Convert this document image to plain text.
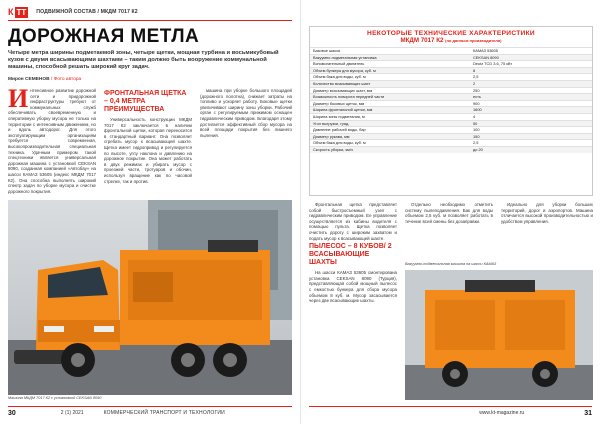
К ТТ	ПОДВИЖНОЙ СОСТАВ / МКДМ 7017 К2
ДОРОЖНАЯ МЕТЛА
Четыре метра ширины подметаемой зоны, четыре щетки, мощная турбина и восьмикубовый кузов с двумя всасывающими шахтами – таким должно быть вооружение коммунальной машины, способной решать широкий круг задач.
Мирон СЕМЕНОВ / Фото автора

Интенсивное развитие дорожной сети и придорожной инфраструктуры требуют от коммунальных служб обеспечивать своевременную и оперативную уборку мусора не только на территории с интенсивным движением, но и вдоль автодорог. Для этого эксплуатирующим организациям требуется современная, высокопроизводительная специальная техника. Удачным примером такой спецтехники является универсальная дорожная машина с установкой CEKSAN 8090, созданная компанией «Автобау» на шасси КАМАЗ 53605 (индекс МКДМ 7017 К2). Она способна выполнять широкий спектр задач по уборке мусора и очистке дорожного покрытия.

ФРОНТАЛЬНАЯ ЩЕТКА – 0,4 МЕТРА ПРЕИМУЩЕСТВА

Универсальность конструкции МКДМ 7017 К2 заключается в наличии фронтальной щетки, которая переносится в стандартный вариант. Она позволяет сгребать мусор к всасывающей шахте. Щетка имеет гидропривод и регулируется по высоте, углу наклона и давлению на дорожное покрытие. Она может работать в двух режимах и убирать мусор с проезжей части, тротуаров и обочин, используя вращение как по часовой стрелке, так и против.

машина при уборке большого площадей (дорожного полотна), снижает затраты на топливо и ускоряет работу. Боковые щетки увеличивают ширину зоны уборки. Рабочий орган с регулируемым прижимом оснащен гидравлическим приводом. Благодаря этому достигается эффективный сбор мусора на всей площади покрытия без лишнего пыления.

Машина МКДМ 7017 К2 с установкой CEKSAN 8090
30	2 (1) 2021	КОММЕРЧЕСКИЙ ТРАНСПОРТ И ТЕХНОЛОГИИ
НЕКОТОРЫЕ ТЕХНИЧЕСКИЕ ХАРАКТЕРИСТИКИ
МКДМ 7017 К2 (по данным производителя)
Базовое шасси	КАМАЗ 53605
Вакуумно-подметальная установка	CEKSAN 8090
Вспомогательный двигатель	Deutz TCD 3.6, 75 кВт
Объем бункера для мусора, куб. м	8
Объем бака для воды, куб. м	2,5
Количество всасывающих шахт	2
Диаметр всасывающих шахт, мм	250
Возможность поворота передней части	есть
Диаметр боковых щеток, мм	900
Ширина фронтальной щетки, мм	1600
Ширина зоны подметания, м	4
Угол выгрузки, град.	50
Давление рабочей воды, бар	100
Диаметр рукава, мм	150
Объем бака для воды, куб. м	2,5
Скорость уборки, км/ч	до 20

Фронтальная щетка представляет собой быстросъемный узел с гидравлическим приводом. Ее управление осуществляется из кабины водителя с помощью пульта. Щетка позволяет очистить дорогу с широким захватом и подать мусор к всасывающей шахте.

ПЫЛЕСОС – 8 КУБОВ/ 2 ВСАСЫВАЮЩИЕ ШАХТЫ

На шасси КАМАЗ 53605 смонтирована установка CEKSAN 8090 (Турция), представляющая собой мощный пылесос с емкостью бункера для сбора мусора объемом 8 куб. м. Мусор засасывается через две всасывающие шахты.

Отдельно необходимо отметить систему пылеподавления. Бак для воды объемом 2,5 куб. м позволяет работать в течение всей смены без дозаправки.

Идеально для уборки больших территорий, дорог и аэропортов. Машина отличается высокой производительностью и удобством управления.

Вакуумно-подметальная машина на шасси КАМАЗ
www.kt-magazine.ru	31
